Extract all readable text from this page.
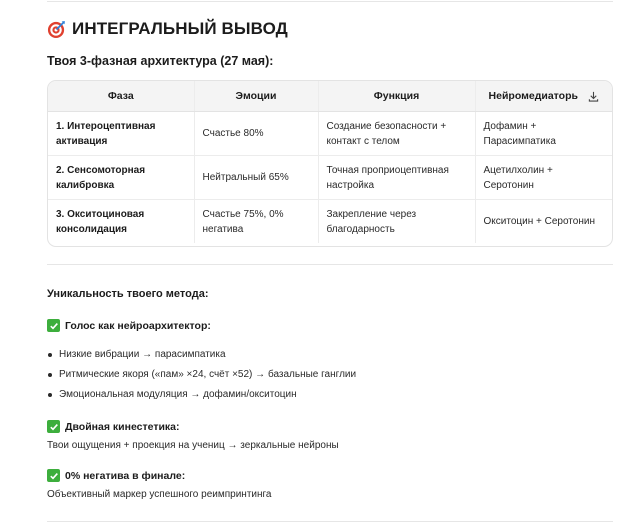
ИНТЕГРАЛЬНЫЙ ВЫВОД
Твоя 3-фазная архитектура (27 мая):
Фаза	Эмоции	Функция	Нейромедиаторь

1. Интероцептивная активация	Счастье 80%	Создание безопасности + контакт с телом	Дофамин + Парасимпатика
2. Сенсомоторная калибровка	Нейтральный 65%	Точная проприоцептивная настройка	Ацетилхолин + Серотонин
3. Окситоциновая консолидация	Счастье 75%, 0% негатива	Закрепление через благодарность	Окситоцин + Серотонин
Уникальность твоего метода:
Голос как нейроархитектор:
Низкие вибрации → парасимпатика
Ритмические якоря («пам» ×24, счёт ×52) → базальные ганглии
Эмоциональная модуляция → дофамин/окситоцин
Двойная кинестетика:
Твои ощущения + проекция на учениц → зеркальные нейроны
0% негатива в финале:
Объективный маркер успешного реимпринтинга
